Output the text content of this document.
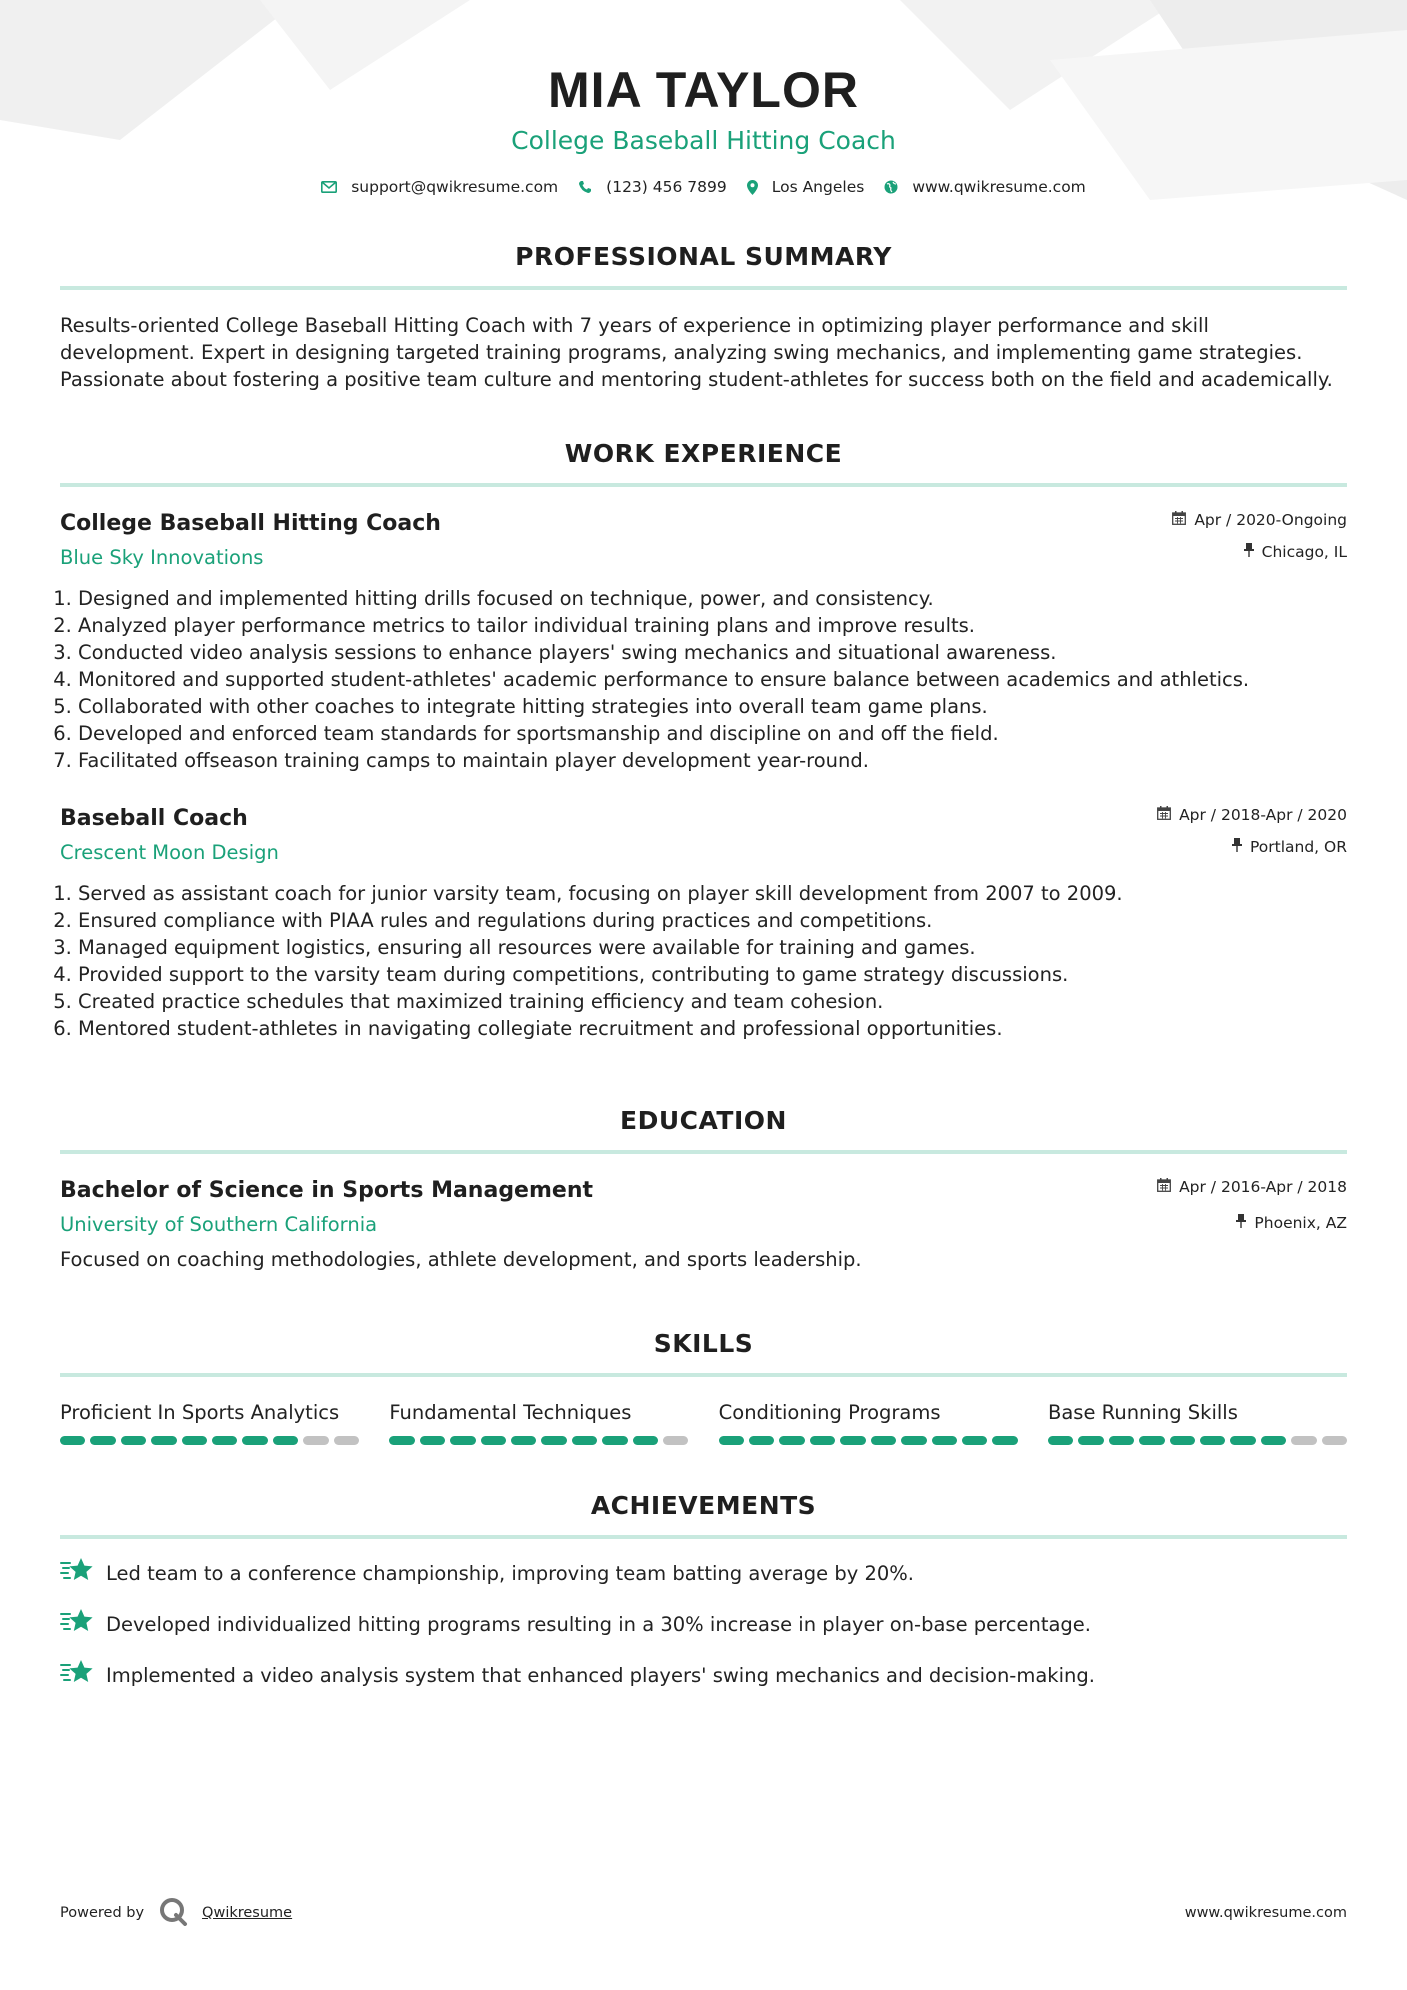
MIA TAYLOR
College Baseball Hitting Coach
support@qwikresume.com	(123) 456 7899	Los Angeles	www.qwikresume.com
PROFESSIONAL SUMMARY
Results-oriented College Baseball Hitting Coach with 7 years of experience in optimizing player performance and skill development. Expert in designing targeted training programs, analyzing swing mechanics, and implementing game strategies. Passionate about fostering a positive team culture and mentoring student-athletes for success both on the field and academically.
WORK EXPERIENCE
College Baseball Hitting Coach
Blue Sky Innovations
Apr / 2020-Ongoing
Chicago, IL
1. Designed and implemented hitting drills focused on technique, power, and consistency.
2. Analyzed player performance metrics to tailor individual training plans and improve results.
3. Conducted video analysis sessions to enhance players' swing mechanics and situational awareness.
4. Monitored and supported student-athletes' academic performance to ensure balance between academics and athletics.
5. Collaborated with other coaches to integrate hitting strategies into overall team game plans.
6. Developed and enforced team standards for sportsmanship and discipline on and off the field.
7. Facilitated offseason training camps to maintain player development year-round.
Baseball Coach
Crescent Moon Design
Apr / 2018-Apr / 2020
Portland, OR
1. Served as assistant coach for junior varsity team, focusing on player skill development from 2007 to 2009.
2. Ensured compliance with PIAA rules and regulations during practices and competitions.
3. Managed equipment logistics, ensuring all resources were available for training and games.
4. Provided support to the varsity team during competitions, contributing to game strategy discussions.
5. Created practice schedules that maximized training efficiency and team cohesion.
6. Mentored student-athletes in navigating collegiate recruitment and professional opportunities.
EDUCATION
Bachelor of Science in Sports Management
University of Southern California
Apr / 2016-Apr / 2018
Phoenix, AZ
Focused on coaching methodologies, athlete development, and sports leadership.
SKILLS
Proficient In Sports Analytics	Fundamental Techniques	Conditioning Programs	Base Running Skills
ACHIEVEMENTS
Led team to a conference championship, improving team batting average by 20%.
Developed individualized hitting programs resulting in a 30% increase in player on-base percentage.
Implemented a video analysis system that enhanced players' swing mechanics and decision-making.
Powered by	Qwikresume	www.qwikresume.com
